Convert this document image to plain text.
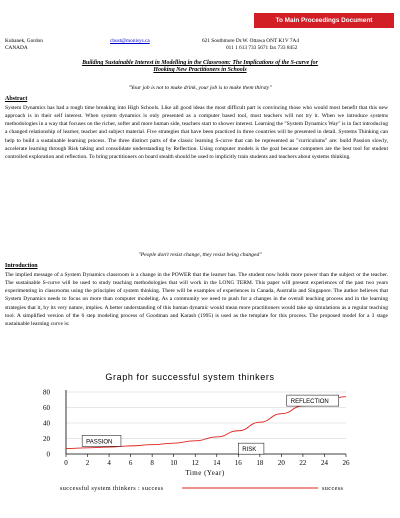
To Main Proceedings Document
Kubanek, Gordon
CANADA
cbust@monisys.ca	621 Southmore Dr.W. Ottawa ONT K1V 7A4
011 1 613 733 5671 fax 733 8452
Building Sustainable Interest in Modelling in the Classroom: The Implications of the S-curve for
Hooking New Practitioners in Schools
"Your job is not to make drink, your job is to make them thirsty"
Abstract
System Dynamics has had a tough time breaking into High Schools. Like all good ideas the most difficult part is convincing those who would most benefit that this new approach is in their self interest. When system dynamics is only presented as a computer based tool, most teachers will not try it. When we introduce systems methodologies in a way that focuses on the richer, softer and more human side, teachers start to shower interest. Learning the "System Dynamics Way" is in fact introducing a changed relationship of learner, teacher and subject material. Five strategies that have been practiced in three countries will be presented in detail. Systems Thinking can help to build a sustainable learning process. The three distinct parts of the classic learning S-curve that can be represented as "curriculums" are: build Passion slowly, accelerate learning through Risk taking and consolidate understanding by Reflection. Using computer models is the goal because computers are the best tool for student controlled exploration and reflection. To bring practitioners on board stealth should be used to implicitly train students and teachers about systems thinking.
"People don't resist change, they resist being changed"
Introduction
The implied message of a System Dynamics classroom is a change in the POWER that the learner has. The student now holds more power than the subject or the teacher. The sustainable S-curve will be used to study teaching methodologies that will work in the LONG TERM. This paper will present experiences of the past two years experimenting in classrooms using the principles of system thinking. There will be examples of experiences in Canada, Australia and Singapore. The author believes that System Dynamics needs to focus on more than computer modeling. As a community we need to push for a changes in the overall teaching process and in the learning strategies that it, by its very nature, implies. A better understanding of this human dynamic would mean more practitioners would take up simulations as a regular teaching tool. A simplified version of the 6 step modeling process of Goodman and Karash (1995) is used as the template for this process. The proposed model for a 3 stage sustainable learning curve is:
Graph for successful system thinkers
0
20
40
60
80
0	2	4	6	8 10 12 14 16 18 20 22 24 26
PASSION
RISK
REFLECTION
Time (Year)
successful system thinkers : success	success
